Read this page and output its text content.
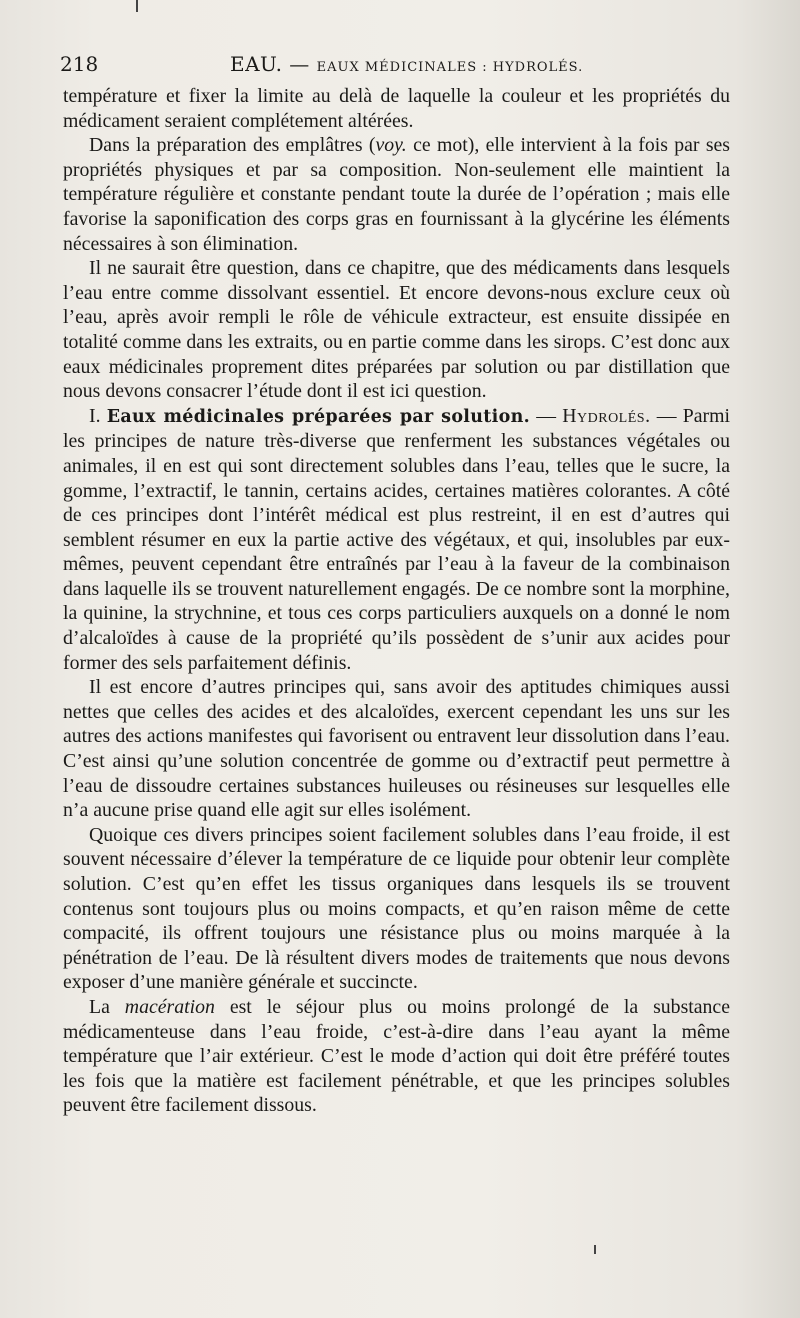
218	EAU. — EAUX MÉDICINALES : HYDROLÉS.

température et fixer la limite au delà de laquelle la couleur et les propriétés du médicament seraient complétement altérées.

Dans la préparation des emplâtres (voy. ce mot), elle intervient à la fois par ses propriétés physiques et par sa composition. Non-seulement elle maintient la température régulière et constante pendant toute la durée de l’opération ; mais elle favorise la saponification des corps gras en fournissant à la glycérine les éléments nécessaires à son élimination.

Il ne saurait être question, dans ce chapitre, que des médicaments dans lesquels l’eau entre comme dissolvant essentiel. Et encore devons-nous exclure ceux où l’eau, après avoir rempli le rôle de véhicule extracteur, est ensuite dissipée en totalité comme dans les extraits, ou en partie comme dans les sirops. C’est donc aux eaux médicinales proprement dites préparées par solution ou par distillation que nous devons consacrer l’étude dont il est ici question.

I. Eaux médicinales préparées par solution. — Hydrolés. — Parmi les principes de nature très-diverse que renferment les substances végétales ou animales, il en est qui sont directement solubles dans l’eau, telles que le sucre, la gomme, l’extractif, le tannin, certains acides, certaines matières colorantes. A côté de ces principes dont l’intérêt médical est plus restreint, il en est d’autres qui semblent résumer en eux la partie active des végétaux, et qui, insolubles par eux-mêmes, peuvent cependant être entraînés par l’eau à la faveur de la combinaison dans laquelle ils se trouvent naturellement engagés. De ce nombre sont la morphine, la quinine, la strychnine, et tous ces corps particuliers auxquels on a donné le nom d’alcaloïdes à cause de la propriété qu’ils possèdent de s’unir aux acides pour former des sels parfaitement définis.

Il est encore d’autres principes qui, sans avoir des aptitudes chimiques aussi nettes que celles des acides et des alcaloïdes, exercent cependant les uns sur les autres des actions manifestes qui favorisent ou entravent leur dissolution dans l’eau. C’est ainsi qu’une solution concentrée de gomme ou d’extractif peut permettre à l’eau de dissoudre certaines substances huileuses ou résineuses sur lesquelles elle n’a aucune prise quand elle agit sur elles isolément.

Quoique ces divers principes soient facilement solubles dans l’eau froide, il est souvent nécessaire d’élever la température de ce liquide pour obtenir leur complète solution. C’est qu’en effet les tissus organiques dans lesquels ils se trouvent contenus sont toujours plus ou moins compacts, et qu’en raison même de cette compacité, ils offrent toujours une résistance plus ou moins marquée à la pénétration de l’eau. De là résultent divers modes de traitements que nous devons exposer d’une manière générale et succincte.

La macération est le séjour plus ou moins prolongé de la substance médicamenteuse dans l’eau froide, c’est-à-dire dans l’eau ayant la même température que l’air extérieur. C’est le mode d’action qui doit être préféré toutes les fois que la matière est facilement pénétrable, et que les principes solubles peuvent être facilement dissous.
